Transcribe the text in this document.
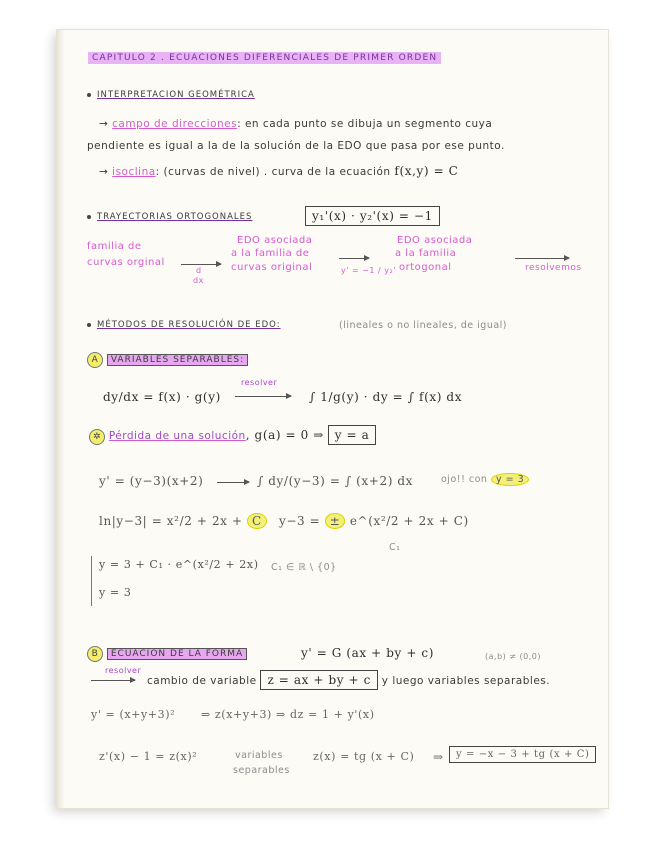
CAPITULO 2 . ECUACIONES DIFERENCIALES DE PRIMER ORDEN
INTERPRETACION GEOMÉTRICA
→ campo de direcciones: en cada punto se dibuja un segmento cuya
pendiente es igual a la de la solución de la EDO que pasa por ese punto.
→ isoclina: (curvas de nivel) . curva de la ecuación f(x,y) = C
TRAYECTORIAS ORTOGONALES	y₁'(x) · y₂'(x) = −1
familia de
curvas orginal
d
dx
EDO asociada
a la familia de
curvas original	y' = −1 / y₂'
EDO asociada
a la familia
ortogonal	resolvemos
MÉTODOS DE RESOLUCIÓN DE EDO:	(lineales o no lineales, de igual)
A VARIABLES SEPARABLES:
dy/dx = f(x) · g(y)
resolver
∫ 1/g(y) · dy = ∫ f(x) dx
✲ Pérdida de una solución, g(a) = 0 ⇒ y = a
y' = (y−3)(x+2)	∫ dy/(y−3) = ∫ (x+2) dx	ojo!! con y = 3
ln|y−3| = x²/2 + 2x + C	y−3 = ± e^(x²/2 + 2x + C)
C₁
y = 3 + C₁ · e^(x²/2 + 2x) C₁ ∈ ℝ \ {0}
y = 3
B ECUACION DE LA FORMA	y' = G (ax + by + c)	(a,b) ≠ (0,0)
resolver
cambio de variable z = ax + by + c y luego variables separables.
y' = (x+y+3)² ⇒ z(x+y+3) ⇒ dz = 1 + y'(x)
z'(x) − 1 = z(x)²	variables
separables
z(x) = tg (x + C) ⇒	y = −x − 3 + tg (x + C)
